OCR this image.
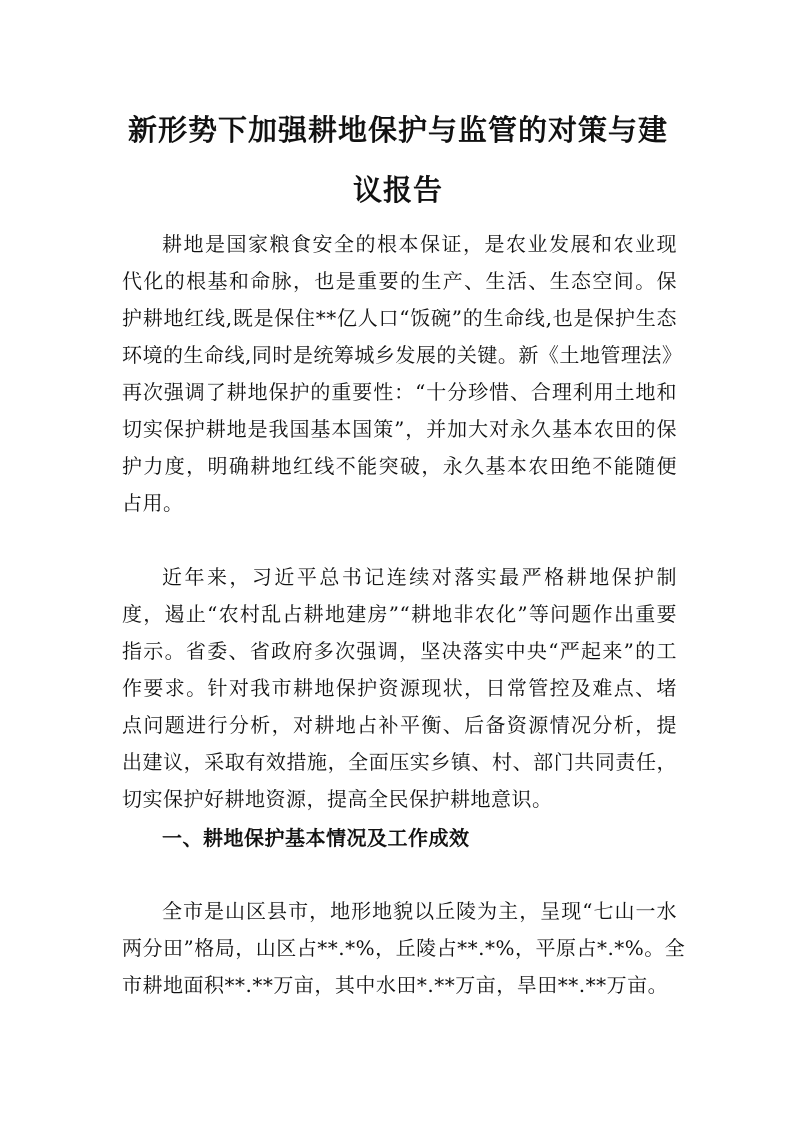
新形势下加强耕地保护与监管的对策与建
议报告
耕地是国家粮食安全的根本保证，是农业发展和农业现
代化的根基和命脉，也是重要的生产、生活、生态空间。保
护耕地红线,既是保住**亿人口“饭碗”的生命线,也是保护生态
环境的生命线,同时是统筹城乡发展的关键。新《土地管理法》
再次强调了耕地保护的重要性：“十分珍惜、合理利用土地和
切实保护耕地是我国基本国策”，并加大对永久基本农田的保
护力度，明确耕地红线不能突破，永久基本农田绝不能随便
占用。
近年来，习近平总书记连续对落实最严格耕地保护制
度，遏止“农村乱占耕地建房”“耕地非农化”等问题作出重要
指示。省委、省政府多次强调，坚决落实中央“严起来”的工
作要求。针对我市耕地保护资源现状，日常管控及难点、堵
点问题进行分析，对耕地占补平衡、后备资源情况分析，提
出建议，采取有效措施，全面压实乡镇、村、部门共同责任，
切实保护好耕地资源，提高全民保护耕地意识。
一、耕地保护基本情况及工作成效
全市是山区县市，地形地貌以丘陵为主，呈现“七山一水
两分田”格局，山区占**.*%，丘陵占**.*%，平原占*.*%。全
市耕地面积**.**万亩，其中水田*.**万亩，旱田**.**万亩。
